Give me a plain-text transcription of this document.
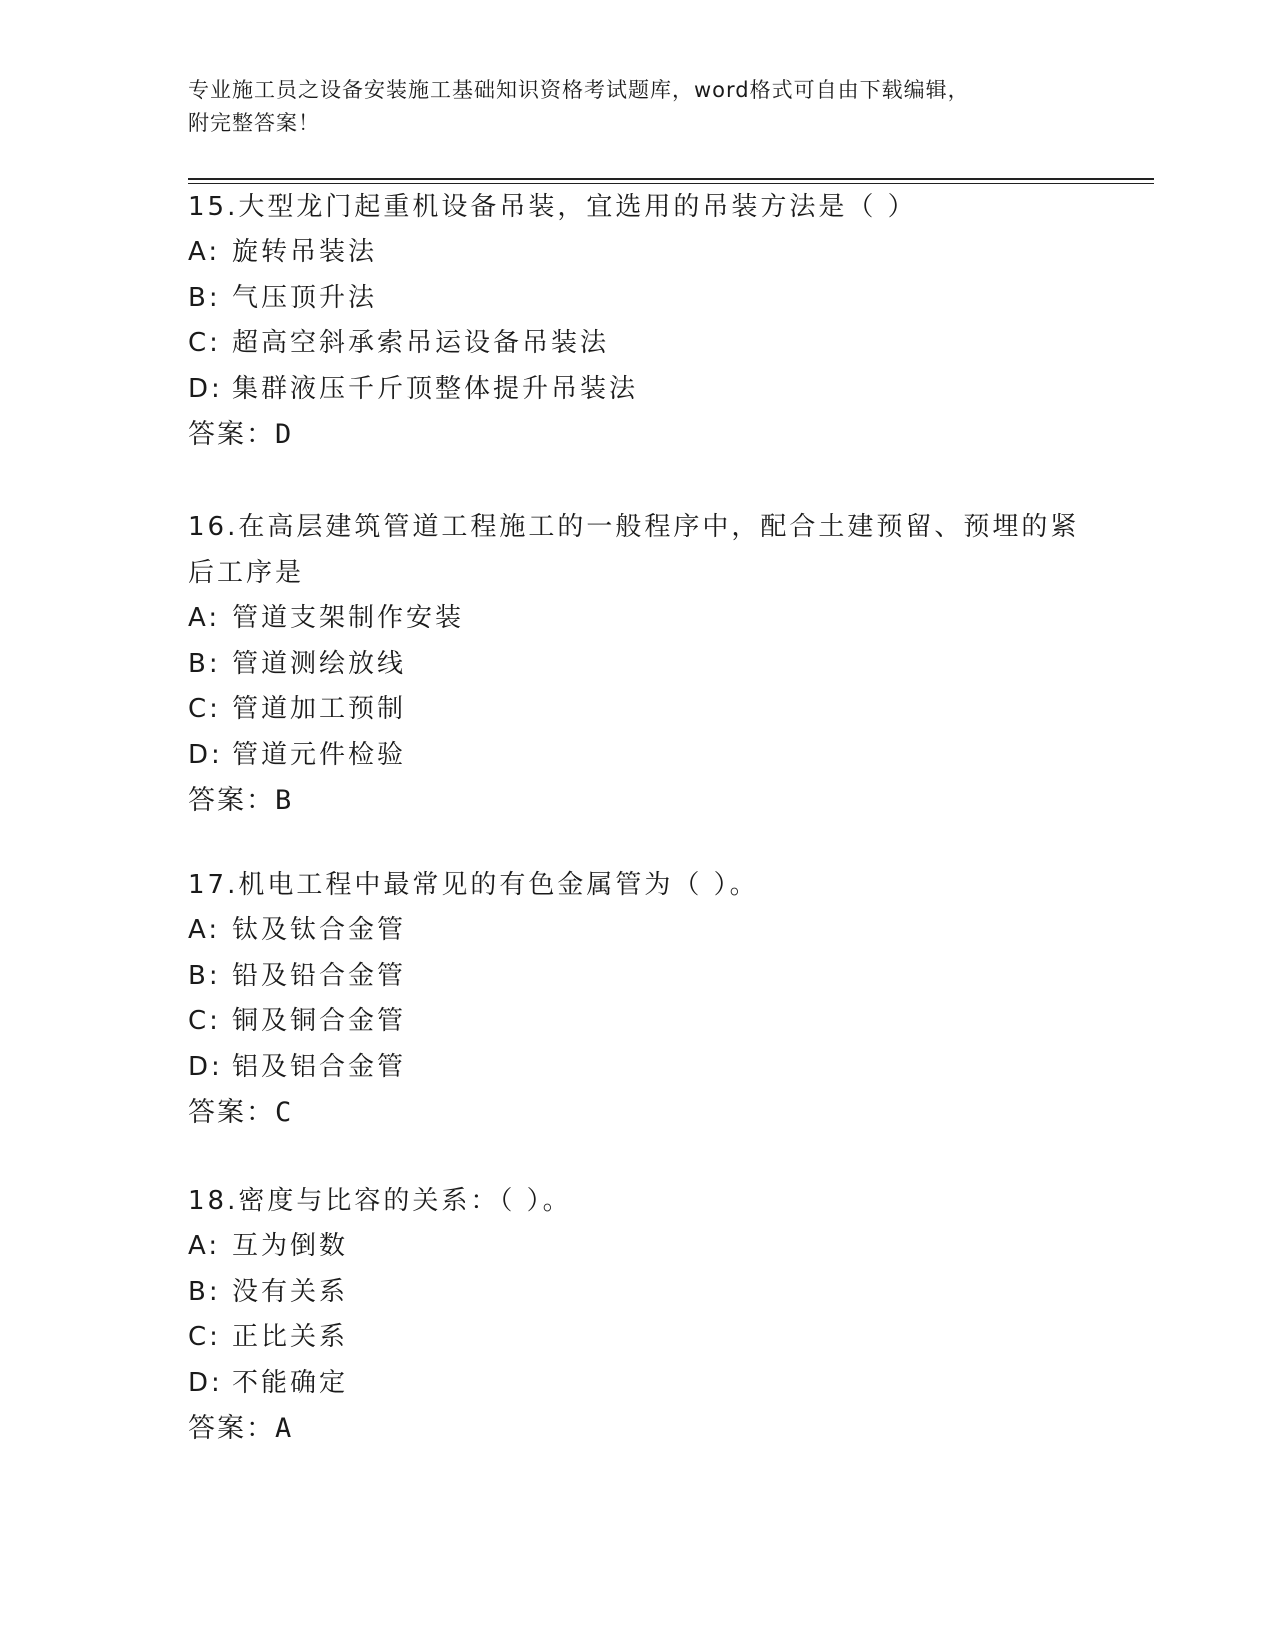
专业施工员之设备安装施工基础知识资格考试题库，word格式可自由下载编辑，
附完整答案！

15.大型龙门起重机设备吊装，宜选用的吊装方法是（ ）

A: 旋转吊装法

B: 气压顶升法

C: 超高空斜承索吊运设备吊装法

D: 集群液压千斤顶整体提升吊装法

答案：D

16.在高层建筑管道工程施工的一般程序中，配合土建预留、预埋的紧

后工序是

A: 管道支架制作安装

B: 管道测绘放线

C: 管道加工预制

D: 管道元件检验

答案：B

17.机电工程中最常见的有色金属管为（ ）。

A: 钛及钛合金管

B: 铅及铅合金管

C: 铜及铜合金管

D: 铝及铝合金管

答案：C

18.密度与比容的关系：（ ）。

A: 互为倒数

B: 没有关系

C: 正比关系

D: 不能确定

答案：A
